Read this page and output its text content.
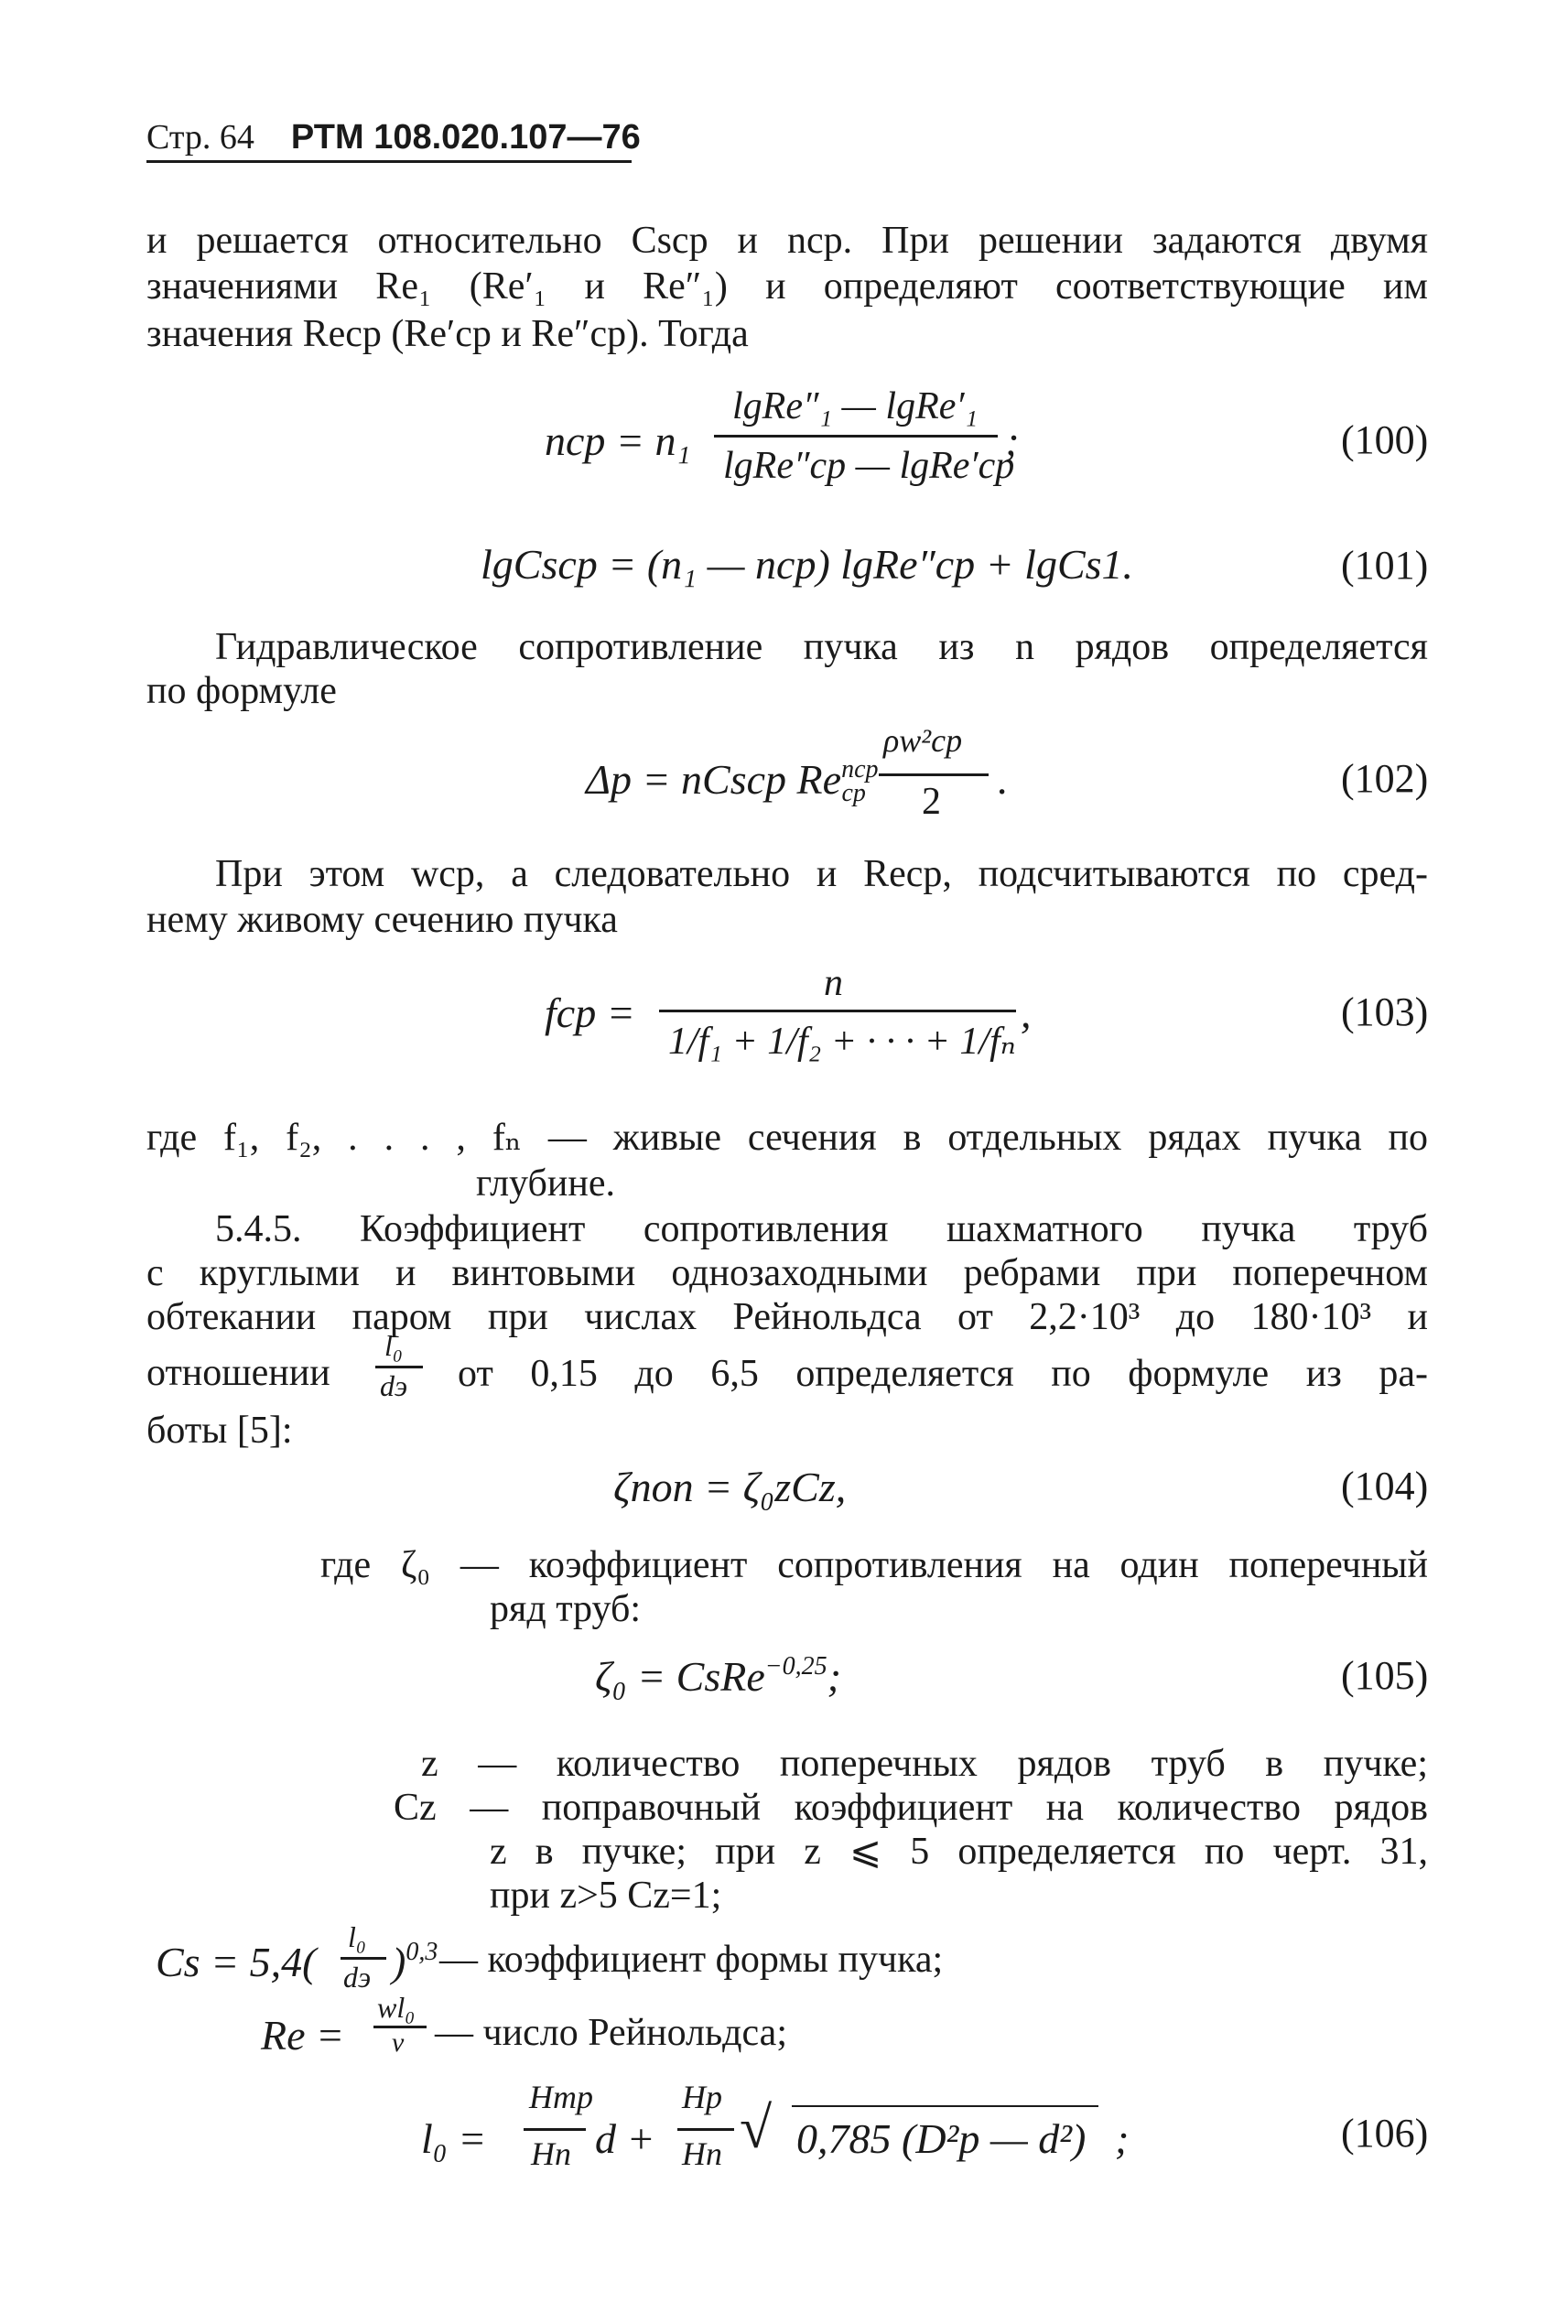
Стр. 64 РТМ 108.020.107—76
и решается относительно Cscp и nср. При решении задаются двумя
значениями Re₁ (Re′₁ и Re″₁) и определяют соответствующие им
значения Reср (Re′ср и Re″ср). Тогда
nср = n₁
lgRe″₁ — lgRe′₁
lgRe″ср — lgRe′ср
;	(100)
lgCscp = (n₁ — nср) lgRe″ср + lgCs1.	(101)
Гидравлическое сопротивление пучка из n рядов определяется
по формуле
Δp = nCscp $Re^{nср}_{ср}$
ρw²ср
2 .	(102)
При этом wср, а следовательно и Reср, подсчитываются по сред-
нему живому сечению пучка
fср =
n
1/f₁ + 1/f₂ + · · · + 1/fₙ
,	(103)
где f₁, f₂, . . . , fₙ — живые сечения в отдельных рядах пучка по
глубине.
5.4.5. Коэффициент сопротивления шахматного пучка труб
с круглыми и винтовыми однозаходными ребрами при поперечном
обтекании паром при числах Рейнольдса от 2,2·10³ до 180·10³ и
отношении
l₀
dэ от 0,15 до 6,5 определяется по формуле из ра-
боты [5]:
ζпоп = ζ₀zCz,	(104)
где ζ₀ — коэффициент сопротивления на один поперечный
ряд труб:
ζ₀ = CsRe$^{-0,25}$;	(105)
z — количество поперечных рядов труб в пучке;
Cz — поправочный коэффициент на количество рядов
z в пучке; при z ⩽ 5 определяется по черт. 31,
при z>5 Cz=1;
Cs = 5,4(
l₀
dэ )$^{0,3}$ — коэффициент формы пучка;
Re =
wl₀
ν — число Рейнольдса;
l₀ =
Hтр
Hп d +
Hр
Hп √ 0,785 (D²р — d²) ;	(106)
